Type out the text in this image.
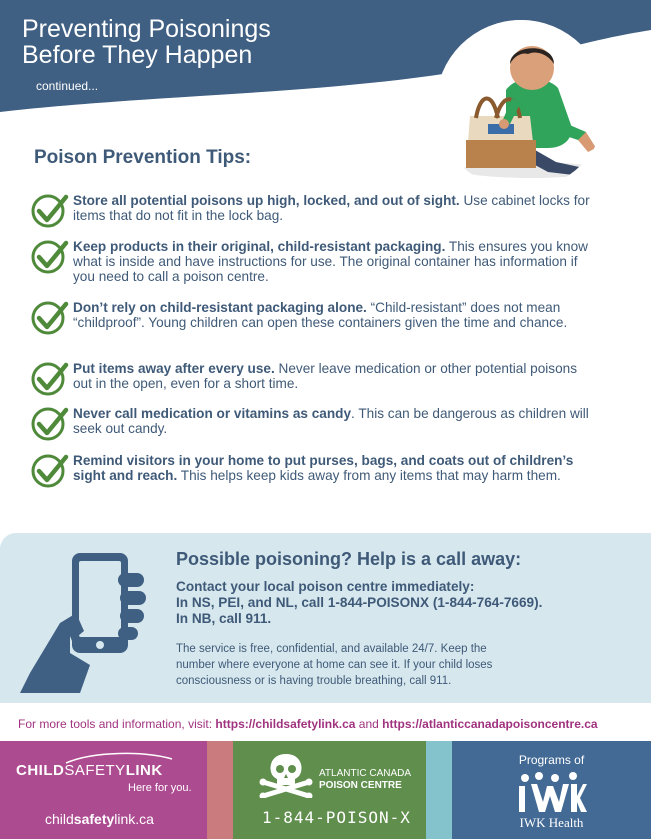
Preventing Poisonings
Before They Happen
continued...
Poison Prevention Tips:
Store all potential poisons up high, locked, and out of sight. Use cabinet locks for items that do not fit in the lock bag.
Keep products in their original, child-resistant packaging. This ensures you know what is inside and have instructions for use. The original container has information if you need to call a poison centre.
Don’t rely on child-resistant packaging alone. “Child-resistant” does not mean “childproof”. Young children can open these containers given the time and chance.
Put items away after every use. Never leave medication or other potential poisons out in the open, even for a short time.
Never call medication or vitamins as candy. This can be dangerous as children will seek out candy.
Remind visitors in your home to put purses, bags, and coats out of children’s sight and reach. This helps keep kids away from any items that may harm them.
Possible poisoning? Help is a call away:
Contact your local poison centre immediately:
In NS, PEI, and NL, call 1-844-POISONX (1-844-764-7669).
In NB, call 911.
The service is free, confidential, and available 24/7. Keep the number where everyone at home can see it. If your child loses consciousness or is having trouble breathing, call 911.
For more tools and information, visit: https://childsafetylink.ca and https://atlanticcanadapoisoncentre.ca
CHILDSAFETYLINK
Here for you.
childsafetylink.ca
ATLANTIC CANADA
POISON CENTRE
1-844-POISON-X
Programs of
IWK Health
